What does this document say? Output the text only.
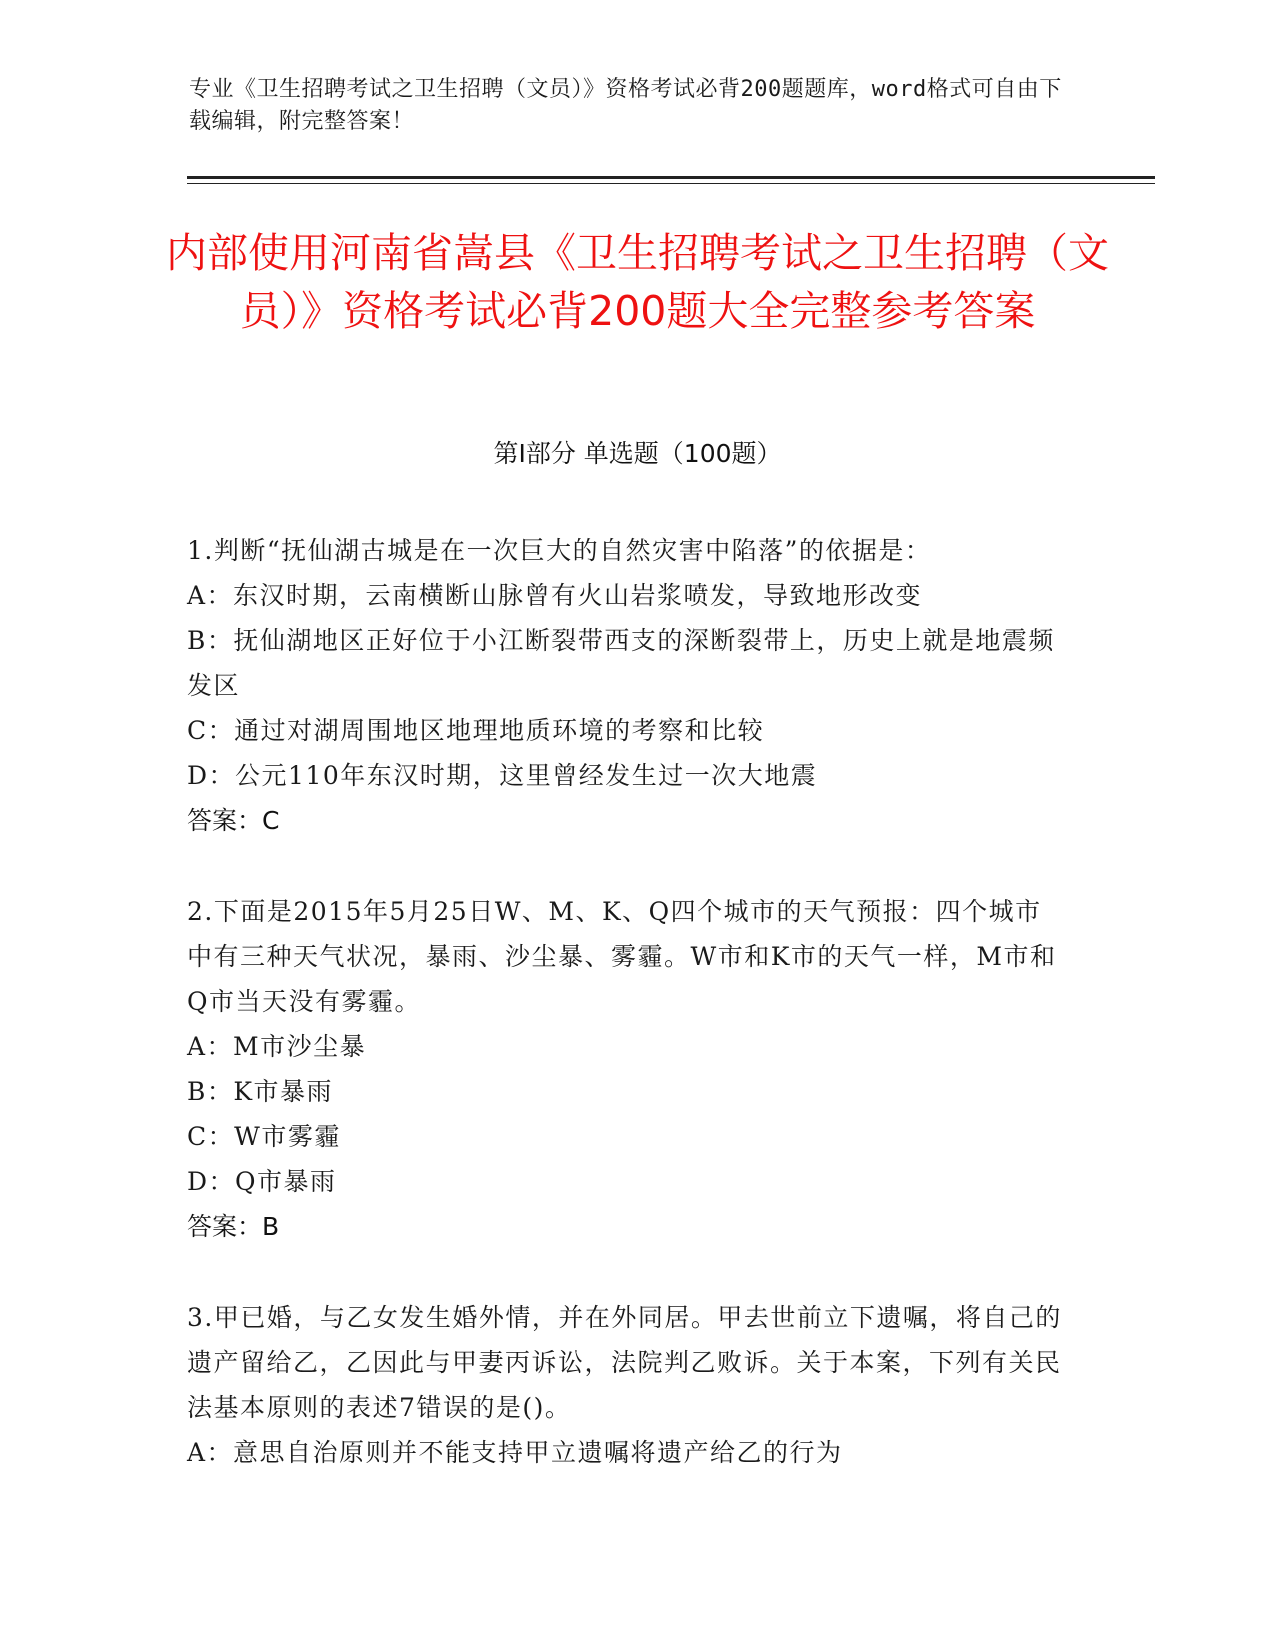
专业《卫生招聘考试之卫生招聘（文员）》资格考试必背200题题库，word格式可自由下载编辑，附完整答案！
内部使用河南省嵩县《卫生招聘考试之卫生招聘（文员）》资格考试必背200题大全完整参考答案
第Ⅰ部分 单选题（100题）
1.判断“抚仙湖古城是在一次巨大的自然灾害中陷落”的依据是：
A：东汉时期，云南横断山脉曾有火山岩浆喷发，导致地形改变
B：抚仙湖地区正好位于小江断裂带西支的深断裂带上，历史上就是地震频发区
C：通过对湖周围地区地理地质环境的考察和比较
D：公元110年东汉时期，这里曾经发生过一次大地震
答案：C
2.下面是2015年5月25日W、M、K、Q四个城市的天气预报：四个城市中有三种天气状况，暴雨、沙尘暴、雾霾。W市和K市的天气一样，M市和Q市当天没有雾霾。
A：M市沙尘暴
B：K市暴雨
C：W市雾霾
D：Q市暴雨
答案：B
3.甲已婚，与乙女发生婚外情，并在外同居。甲去世前立下遗嘱，将自己的遗产留给乙，乙因此与甲妻丙诉讼，法院判乙败诉。关于本案，下列有关民法基本原则的表述7错误的是()。
A：意思自治原则并不能支持甲立遗嘱将遗产给乙的行为
